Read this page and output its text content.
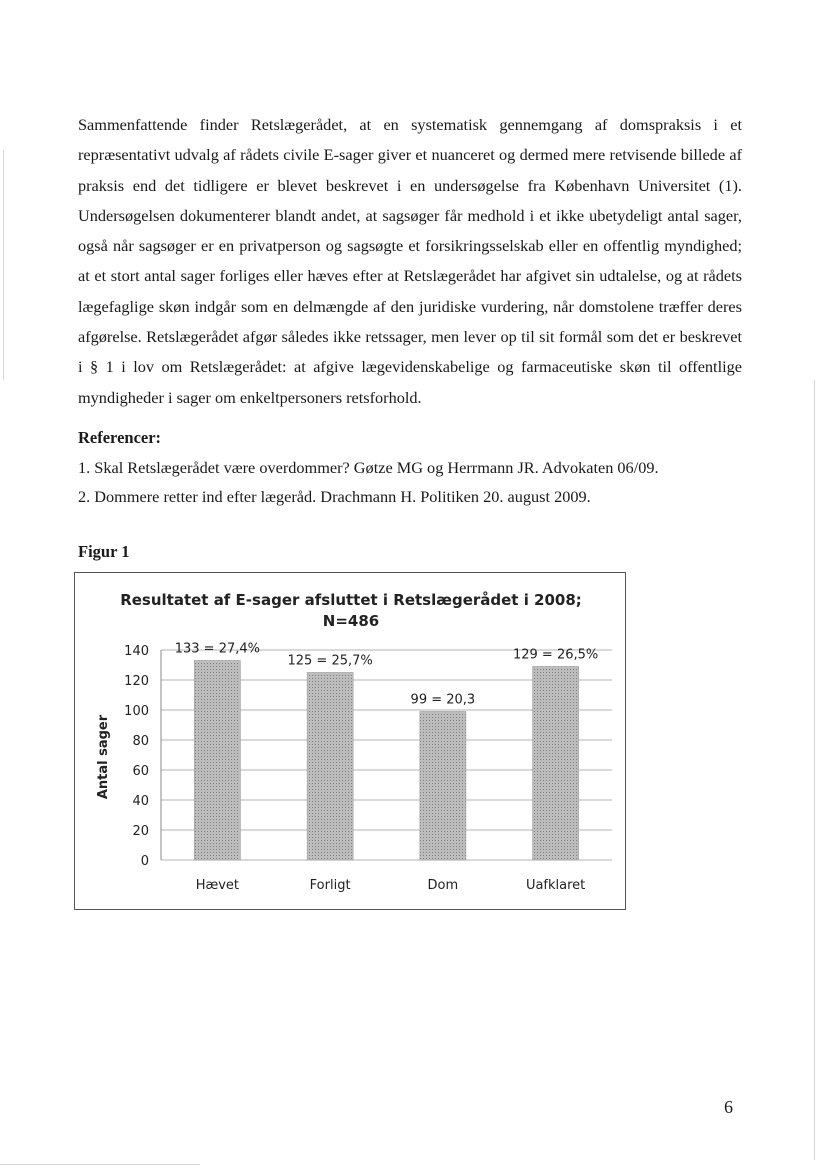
Sammenfattende finder Retslægerådet, at en systematisk gennemgang af domspraksis i et repræsentativt udvalg af rådets civile E-sager giver et nuanceret og dermed mere retvisende billede af praksis end det tidligere er blevet beskrevet i en undersøgelse fra København Universitet (1). Undersøgelsen dokumenterer blandt andet, at sagsøger får medhold i et ikke ubetydeligt antal sager, også når sagsøger er en privatperson og sagsøgte et forsikringsselskab eller en offentlig myndighed; at et stort antal sager forliges eller hæves efter at Retslægerådet har afgivet sin udtalelse, og at rådets lægefaglige skøn indgår som en delmængde af den juridiske vurdering, når domstolene træffer deres afgørelse. Retslægerådet afgør således ikke retssager, men lever op til sit formål som det er beskrevet i § 1 i lov om Retslægerådet: at afgive lægevidenskabelige og farmaceutiske skøn til offentlige myndigheder i sager om enkeltpersoners retsforhold.

Referencer:

1. Skal Retslægerådet være overdommer? Gøtze MG og Herrmann JR. Advokaten 06/09.

2. Dommere retter ind efter lægeråd. Drachmann H. Politiken 20. august 2009.

Figur 1

Resultatet af E-sager afsluttet i Retslægerådet i 2008;
N=486
Antal sager
0
20
40
60
80
100
120
140
Hævet
133 = 27,4%
Forligt
125 = 25,7%
Dom
99 = 20,3
Uafklaret
129 = 26,5%

6
